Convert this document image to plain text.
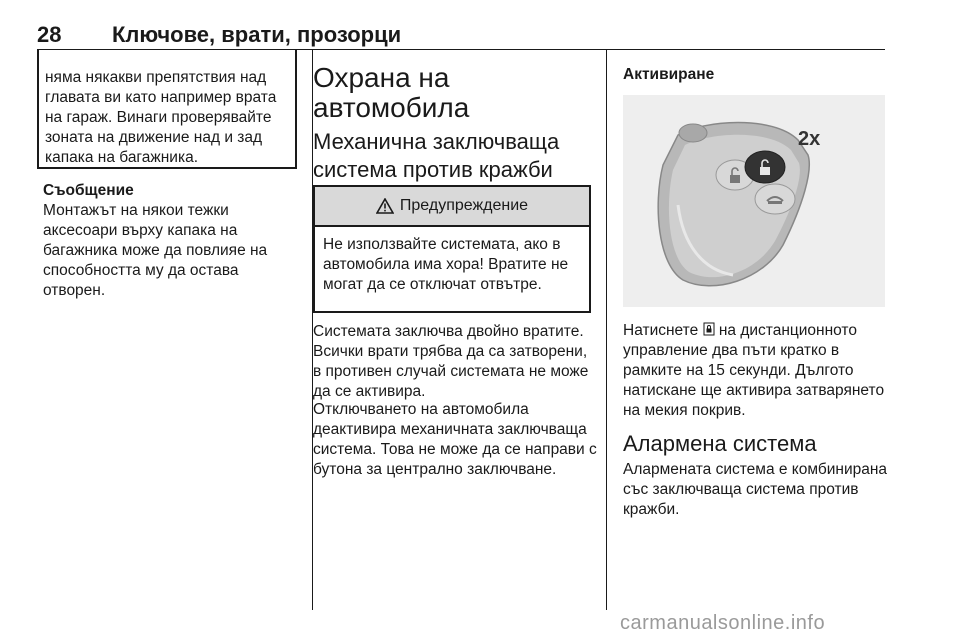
28 Ключове, врати, прозорци

няма някакви препятствия над главата ви като например врата на гараж. Винаги проверявайте зоната на движение над и зад капака на багажника.

Съобщение

Монтажът на някои тежки аксесоари върху капака на багажника може да повлияе на способността му да остава отворен.

Охрана на автомобила
Механична заключваща система против кражби
Предупреждение

Не използвайте системата, ако в автомобила има хора! Вратите не могат да се отключат отвътре.

Системата заключва двойно вратите. Всички врати трябва да са затворени, в противен случай системата не може да се активира.

Отключването на автомобила деактивира механичната заключваща система. Това не може да се направи с бутона за централно заключване.

Активиране
2x

Натиснете на дистанционното управление два пъти кратко в рамките на 15 секунди. Дългото натискане ще активира затварянето на мекия покрив.

Алармена система

Алармената система е комбинирана със заключваща система против кражби.

carmanualsonline.info
